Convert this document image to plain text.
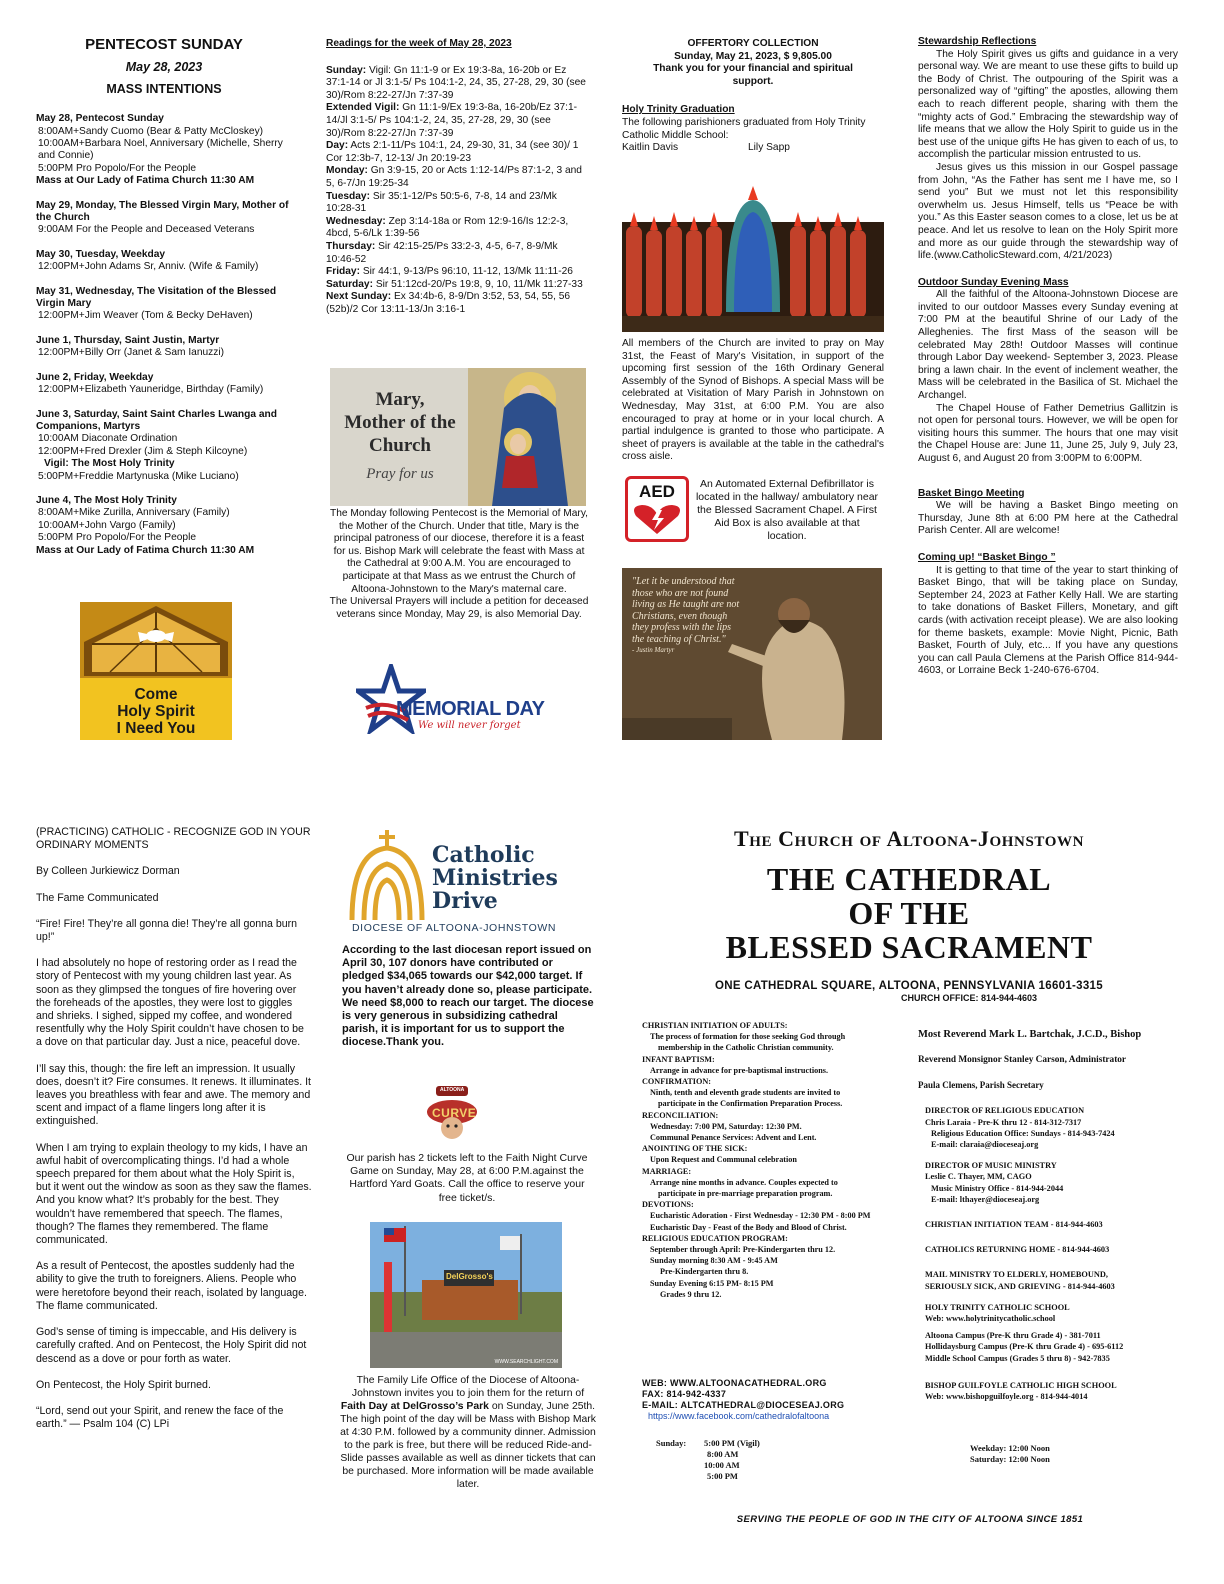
PENTECOST SUNDAY
May 28, 2023
MASS INTENTIONS
May 28, Pentecost Sunday
8:00AM+Sandy Cuomo (Bear & Patty McCloskey)
10:00AM+Barbara Noel, Anniversary (Michelle, Sherry and Connie)
5:00PM Pro Popolo/For the People
Mass at Our Lady of Fatima Church 11:30 AM
May 29, Monday, The Blessed Virgin Mary, Mother of the Church
9:00AM For the People and Deceased Veterans
May 30, Tuesday, Weekday
12:00PM+John Adams Sr, Anniv. (Wife & Family)
May 31, Wednesday, The Visitation of the Blessed Virgin Mary
12:00PM+Jim Weaver (Tom & Becky DeHaven)
June 1, Thursday, Saint Justin, Martyr
12:00PM+Billy Orr (Janet & Sam Ianuzzi)
June 2, Friday, Weekday
12:00PM+Elizabeth Yauneridge, Birthday (Family)
June 3, Saturday, Saint Saint Charles Lwanga and Companions, Martyrs
10:00AM Diaconate Ordination
12:00PM+Fred Drexler (Jim & Steph Kilcoyne)
Vigil: The Most Holy Trinity
5:00PM+Freddie Martynuska (Mike Luciano)
June 4, The Most Holy Trinity
8:00AM+Mike Zurilla, Anniversary (Family)
10:00AM+John Vargo (Family)
5:00PM Pro Popolo/For the People
Mass at Our Lady of Fatima Church 11:30 AM
Come
Holy Spirit
I Need You
Readings for the week of May 28, 2023
Sunday: Vigil: Gn 11:1-9 or Ex 19:3-8a, 16-20b or Ez 37:1-14 or Jl 3:1-5/ Ps 104:1-2, 24, 35, 27-28, 29, 30 (see 30)/Rom 8:22-27/Jn 7:37-39
Extended Vigil: Gn 11:1-9/Ex 19:3-8a, 16-20b/Ez 37:1-14/Jl 3:1-5/ Ps 104:1-2, 24, 35, 27-28, 29, 30 (see 30)/Rom 8:22-27/Jn 7:37-39
Day: Acts 2:1-11/Ps 104:1, 24, 29-30, 31, 34 (see 30)/ 1 Cor 12:3b-7, 12-13/ Jn 20:19-23
Monday: Gn 3:9-15, 20 or Acts 1:12-14/Ps 87:1-2, 3 and 5, 6-7/Jn 19:25-34
Tuesday: Sir 35:1-12/Ps 50:5-6, 7-8, 14 and 23/Mk 10:28-31
Wednesday: Zep 3:14-18a or Rom 12:9-16/Is 12:2-3, 4bcd, 5-6/Lk 1:39-56
Thursday: Sir 42:15-25/Ps 33:2-3, 4-5, 6-7, 8-9/Mk 10:46-52
Friday: Sir 44:1, 9-13/Ps 96:10, 11-12, 13/Mk 11:11-26
Saturday: Sir 51:12cd-20/Ps 19:8, 9, 10, 11/Mk 11:27-33
Next Sunday: Ex 34:4b-6, 8-9/Dn 3:52, 53, 54, 55, 56 (52b)/2 Cor 13:11-13/Jn 3:16-1
Mary,
Mother of the
Church
Pray for us

The Monday following Pentecost is the Memorial of Mary, the Mother of the Church. Under that title, Mary is the principal patroness of our diocese, therefore it is a feast for us. Bishop Mark will celebrate the feast with Mass at the Cathedral at 9:00 A.M. You are encouraged to participate at that Mass as we entrust the Church of Altoona-Johnstown to the Mary's maternal care.

The Universal Prayers will include a petition for deceased veterans since Monday, May 29, is also Memorial Day.

MEMORIAL DAY
We will never forget
OFFERTORY COLLECTION
Sunday, May 21, 2023, $ 9,805.00
Thank you for your financial and spiritual support.
Holy Trinity Graduation
The following parishioners graduated from Holy Trinity Catholic Middle School:
Kaitlin Davis	Lily Sapp

All members of the Church are invited to pray on May 31st, the Feast of Mary's Visitation, in support of the upcoming first session of the 16th Ordinary General Assembly of the Synod of Bishops. A special Mass will be celebrated at Visitation of Mary Parish in Johnstown on Wednesday, May 31st, at 6:00 P.M. You are also encouraged to pray at home or in your local church. A partial indulgence is granted to those who participate. A sheet of prayers is available at the table in the cathedral's cross aisle.

AED	An Automated External Defibrillator is located in the hallway/ ambulatory near the Blessed Sacrament Chapel. A First Aid Box is also available at that location.
"Let it be understood that
those who are not found
living as He taught are not
Christians, even though
they profess with the lips
the teaching of Christ."
- Justin Martyr
Stewardship Reflections
The Holy Spirit gives us gifts and guidance in a very personal way. We are meant to use these gifts to build up the Body of Christ. The outpouring of the Spirit was a personalized way of “gifting” the apostles, allowing them each to reach different people, sharing with them the “mighty acts of God.” Embracing the stewardship way of life means that we allow the Holy Spirit to guide us in the best use of the unique gifts He has given to each of us, to accomplish the particular mission entrusted to us.
Jesus gives us this mission in our Gospel passage from John, “As the Father has sent me I have me, so I send you” But we must not let this responsibility overwhelm us. Jesus Himself, tells us “Peace be with you.” As this Easter season comes to a close, let us be at peace. And let us resolve to lean on the Holy Spirit more and more as our guide through the stewardship way of life.(www.CatholicSteward.com, 4/21/2023)
Outdoor Sunday Evening Mass
All the faithful of the Altoona-Johnstown Diocese are invited to our outdoor Masses every Sunday evening at 7:00 PM at the beautiful Shrine of our Lady of the Alleghenies. The first Mass of the season will be celebrated May 28th! Outdoor Masses will continue through Labor Day weekend- September 3, 2023. Please bring a lawn chair. In the event of inclement weather, the Mass will be celebrated in the Basilica of St. Michael the Archangel.
The Chapel House of Father Demetrius Gallitzin is not open for personal tours. However, we will be open for visiting hours this summer. The hours that one may visit the Chapel House are: June 11, June 25, July 9, July 23, August 6, and August 20 from 3:00PM to 6:00PM.
Basket Bingo Meeting
We will be having a Basket Bingo meeting on Thursday, June 8th at 6:00 PM here at the Cathedral Parish Center. All are welcome!
Coming up! “Basket Bingo ”
It is getting to that time of the year to start thinking of Basket Bingo, that will be taking place on Sunday, September 24, 2023 at Father Kelly Hall. We are starting to take donations of Basket Fillers, Monetary, and gift cards (with activation receipt please). We are also looking for theme baskets, example: Movie Night, Picnic, Bath Basket, Fourth of July, etc... If you have any questions you can call Paula Clemens at the Parish Office 814-944-4603, or Lorraine Beck 1-240-676-6704.

(PRACTICING) CATHOLIC - RECOGNIZE GOD IN YOUR ORDINARY MOMENTS

By Colleen Jurkiewicz Dorman

The Fame Communicated

“Fire! Fire! They’re all gonna die! They’re all gonna burn up!”

I had absolutely no hope of restoring order as I read the story of Pentecost with my young children last year. As soon as they glimpsed the tongues of fire hovering over the foreheads of the apostles, they were lost to giggles and shrieks. I sighed, sipped my coffee, and wondered resentfully why the Holy Spirit couldn’t have chosen to be a dove on that particular day. Just a nice, peaceful dove.

I’ll say this, though: the fire left an impression. It usually does, doesn’t it? Fire consumes. It renews. It illuminates. It leaves you breathless with fear and awe. The memory and scent and impact of a flame lingers long after it is extinguished.

When I am trying to explain theology to my kids, I have an awful habit of overcomplicating things. I’d had a whole speech prepared for them about what the Holy Spirit is, but it went out the window as soon as they saw the flames. And you know what? It’s probably for the best. They wouldn’t have remembered that speech. The flames, though? The flames they remembered. The flame communicated.

As a result of Pentecost, the apostles suddenly had the ability to give the truth to foreigners. Aliens. People who were heretofore beyond their reach, isolated by language. The flame communicated.

God’s sense of timing is impeccable, and His delivery is carefully crafted. And on Pentecost, the Holy Spirit did not descend as a dove or pour forth as water.

On Pentecost, the Holy Spirit burned.

“Lord, send out your Spirit, and renew the face of the earth.” — Psalm 104 (C) LPi

Catholic
Ministries
Drive
DIOCESE OF ALTOONA-JOHNSTOWN
According to the last diocesan report issued on April 30, 107 donors have contributed or pledged $34,065 towards our $42,000 target. If you haven’t already done so, please participate. We need $8,000 to reach our target. The diocese is very generous in subsidizing cathedral parish, it is important for us to support the diocese.Thank you.
ALTOONA
CURVE
Our parish has 2 tickets left to the Faith Night Curve Game on Sunday, May 28, at 6:00 P.M.against the Hartford Yard Goats. Call the office to reserve your free ticket/s.
DelGrosso's
WWW.SEARCHLIGHT.COM
The Family Life Office of the Diocese of Altoona-Johnstown invites you to join them for the return of Faith Day at DelGrosso’s Park on Sunday, June 25th. The high point of the day will be Mass with Bishop Mark at 4:30 P.M. followed by a community dinner. Admission to the park is free, but there will be reduced Ride-and-Slide passes available as well as dinner tickets that can be purchased. More information will be made available later.
The Church of Altoona-Johnstown
THE CATHEDRAL
OF THE
BLESSED SACRAMENT
ONE CATHEDRAL SQUARE, ALTOONA, PENNSYLVANIA 16601-3315
CHURCH OFFICE: 814-944-4603
CHRISTIAN INITIATION OF ADULTS:
The process of formation for those seeking God through
membership in the Catholic Christian community.
INFANT BAPTISM:
Arrange in advance for pre-baptismal instructions.
CONFIRMATION:
Ninth, tenth and eleventh grade students are invited to
participate in the Confirmation Preparation Process.
RECONCILIATION:
Wednesday: 7:00 PM, Saturday: 12:30 PM.
Communal Penance Services: Advent and Lent.
ANOINTING OF THE SICK:
Upon Request and Communal celebration
MARRIAGE:
Arrange nine months in advance. Couples expected to
participate in pre-marriage preparation program.
DEVOTIONS:
Eucharistic Adoration - First Wednesday - 12:30 PM - 8:00 PM
Eucharistic Day - Feast of the Body and Blood of Christ.
RELIGIOUS EDUCATION PROGRAM:
September through April: Pre-Kindergarten thru 12.
Sunday morning 8:30 AM - 9:45 AM
Pre-Kindergarten thru 8.
Sunday Evening 6:15 PM- 8:15 PM
Grades 9 thru 12.
WEB: WWW.ALTOONACATHEDRAL.ORG
FAX: 814-942-4337
E-MAIL: ALTCATHEDRAL@DIOCESEAJ.ORG
https://www.facebook.com/cathedralofaltoona
Sunday:	5:00 PM (Vigil)
8:00 AM
10:00 AM
5:00 PM
Most Reverend Mark L. Bartchak, J.C.D., Bishop
Reverend Monsignor Stanley Carson, Administrator
Paula Clemens, Parish Secretary
DIRECTOR OF RELIGIOUS EDUCATION
Chris Laraia - Pre-K thru 12 - 814-312-7317
Religious Education Office: Sundays - 814-943-7424
E-mail: claraia@dioceseaj.org
DIRECTOR OF MUSIC MINISTRY
Leslie C. Thayer, MM, CAGO
Music Ministry Office - 814-944-2044
E-mail: lthayer@dioceseaj.org
CHRISTIAN INITIATION TEAM - 814-944-4603
CATHOLICS RETURNING HOME - 814-944-4603
MAIL MINISTRY TO ELDERLY, HOMEBOUND,
SERIOUSLY SICK, AND GRIEVING - 814-944-4603
HOLY TRINITY CATHOLIC SCHOOL
Web: www.holytrinitycatholic.school
Altoona Campus (Pre-K thru Grade 4) - 381-7011
Hollidaysburg Campus (Pre-K thru Grade 4) - 695-6112
Middle School Campus (Grades 5 thru 8) - 942-7835
BISHOP GUILFOYLE CATHOLIC HIGH SCHOOL
Web: www.bishopguilfoyle.org - 814-944-4014
Weekday: 12:00 Noon
Saturday: 12:00 Noon
SERVING THE PEOPLE OF GOD IN THE CITY OF ALTOONA SINCE 1851
